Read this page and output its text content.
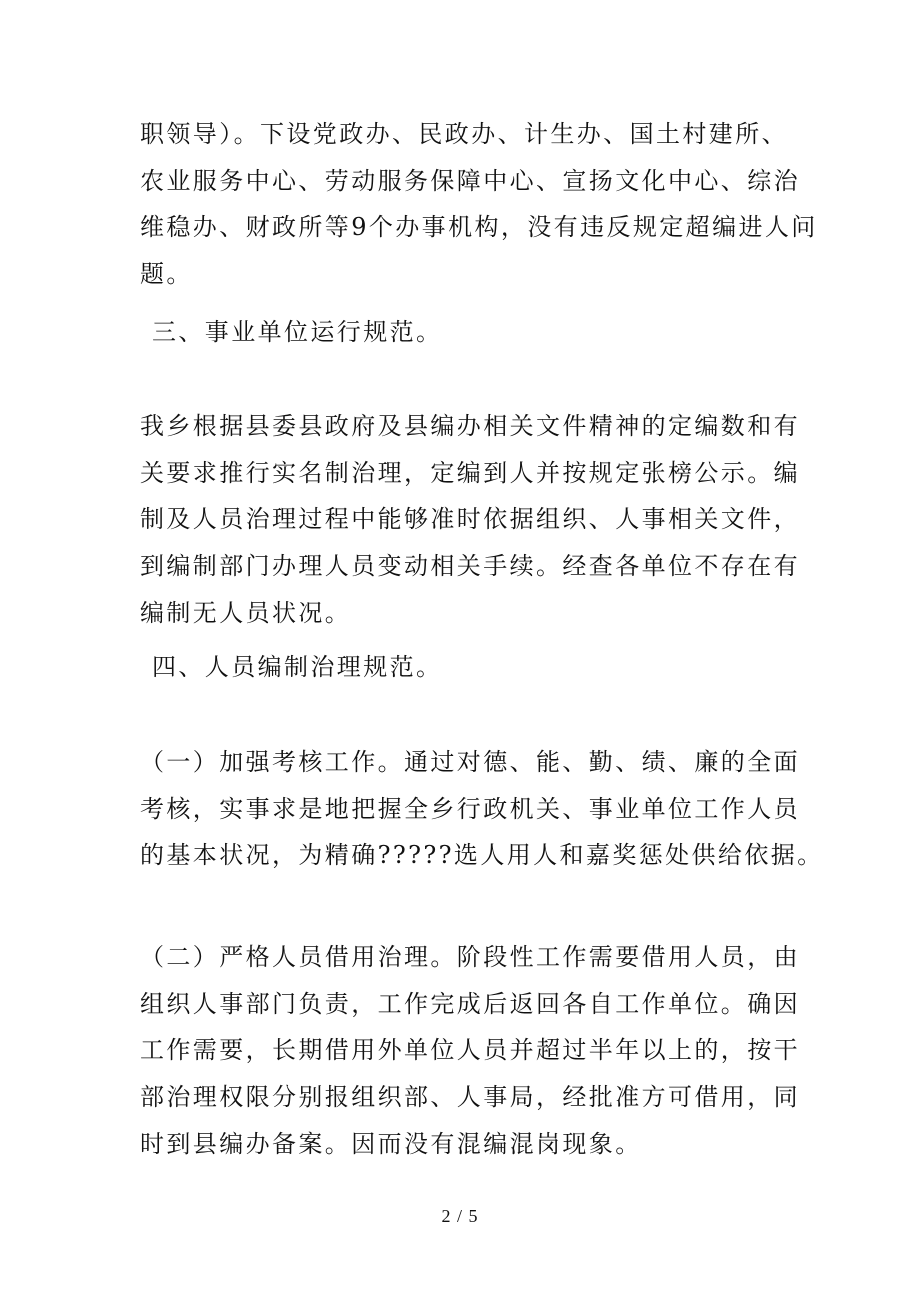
职领导）。下设党政办、民政办、计生办、国土村建所、
农业服务中心、劳动服务保障中心、宣扬文化中心、综治
维稳办、财政所等9个办事机构，没有违反规定超编进人问
题。
三、事业单位运行规范。
我乡根据县委县政府及县编办相关文件精神的定编数和有
关要求推行实名制治理，定编到人并按规定张榜公示。编
制及人员治理过程中能够准时依据组织、人事相关文件，
到编制部门办理人员变动相关手续。经查各单位不存在有
编制无人员状况。
四、人员编制治理规范。
（一）加强考核工作。通过对德、能、勤、绩、廉的全面
考核，实事求是地把握全乡行政机关、事业单位工作人员
的基本状况，为精确?????选人用人和嘉奖惩处供给依据。
（二）严格人员借用治理。阶段性工作需要借用人员，由
组织人事部门负责，工作完成后返回各自工作单位。确因
工作需要，长期借用外单位人员并超过半年以上的，按干
部治理权限分别报组织部、人事局，经批准方可借用，同
时到县编办备案。因而没有混编混岗现象。
2 / 5
